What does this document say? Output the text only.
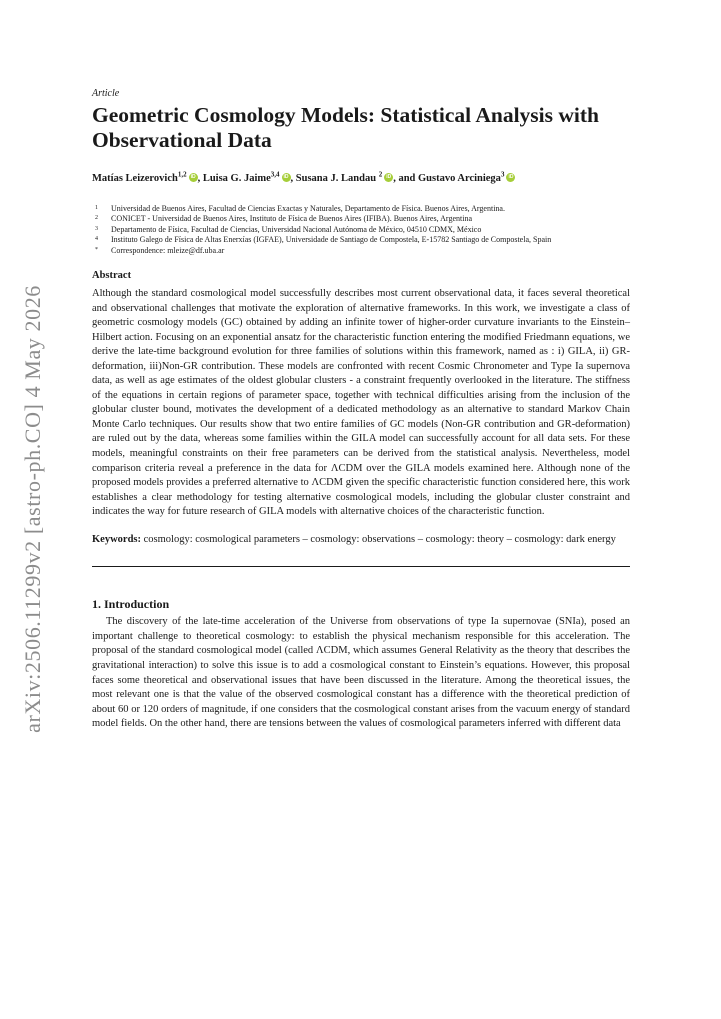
arXiv:2506.11299v2 [astro-ph.CO] 4 May 2026
Article
Geometric Cosmology Models: Statistical Analysis with Observational Data
Matías Leizerovich$^{1,2}$ iD , Luisa G. Jaime$^{3,4}$ iD , Susana J. Landau $^2$ iD , and Gustavo Arciniega$^3$iD
1 Universidad de Buenos Aires, Facultad de Ciencias Exactas y Naturales, Departamento de Física. Buenos Aires, Argentina.
2 CONICET - Universidad de Buenos Aires, Instituto de Física de Buenos Aires (IFIBA). Buenos Aires, Argentina
3 Departamento de Física, Facultad de Ciencias, Universidad Nacional Autónoma de México, 04510 CDMX, México
4 Instituto Galego de Física de Altas Enerxías (IGFAE), Universidade de Santiago de Compostela, E-15782 Santiago de Compostela, Spain
* Correspondence: mleize@df.uba.ar
Abstract

Although the standard cosmological model successfully describes most current observational data, it faces several theoretical and observational challenges that motivate the exploration of alternative frameworks. In this work, we investigate a class of geometric cosmology models (GC) obtained by adding an infinite tower of higher-order curvature invariants to the Einstein–Hilbert action. Focusing on an exponential ansatz for the characteristic function entering the modified Friedmann equations, we derive the late-time background evolution for three families of solutions within this framework, named as : i) GILA, ii) GR-deformation, iii)Non-GR contribution. These models are confronted with recent Cosmic Chronometer and Type Ia supernova data, as well as age estimates of the oldest globular clusters - a constraint frequently overlooked in the literature. The stiffness of the equations in certain regions of parameter space, together with technical difficulties arising from the inclusion of the globular cluster bound, motivates the development of a dedicated methodology as an alternative to standard Markov Chain Monte Carlo techniques. Our results show that two entire families of GC models (Non-GR contribution and GR-deformation) are ruled out by the data, whereas some families within the GILA model can successfully account for all data sets. For these models, meaningful constraints on their free parameters can be derived from the statistical analysis. Nevertheless, model comparison criteria reveal a preference in the data for ΛCDM over the GILA models examined here. Although none of the proposed models provides a preferred alternative to ΛCDM given the specific characteristic function considered here, this work establishes a clear methodology for testing alternative cosmological models, including the globular cluster constraint and indicates the way for future research of GILA models with alternative choices of the characteristic function.

Keywords: cosmology: cosmological parameters – cosmology: observations – cosmology: theory – cosmology: dark energy

1. Introduction

The discovery of the late-time acceleration of the Universe from observations of type Ia supernovae (SNIa), posed an important challenge to theoretical cosmology: to establish the physical mechanism responsible for this acceleration. The proposal of the standard cosmological model (called ΛCDM, which assumes General Relativity as the theory that describes the gravitational interaction) to solve this issue is to add a cosmological constant to Einstein’s equations. However, this proposal faces some theoretical and observational issues that have been discussed in the literature. Among the theoretical issues, the most relevant one is that the value of the observed cosmological constant has a difference with the theoretical prediction of about 60 or 120 orders of magnitude, if one considers that the cosmological constant arises from the vacuum energy of standard model fields. On the other hand, there are tensions between the values of cosmological parameters inferred with different data
